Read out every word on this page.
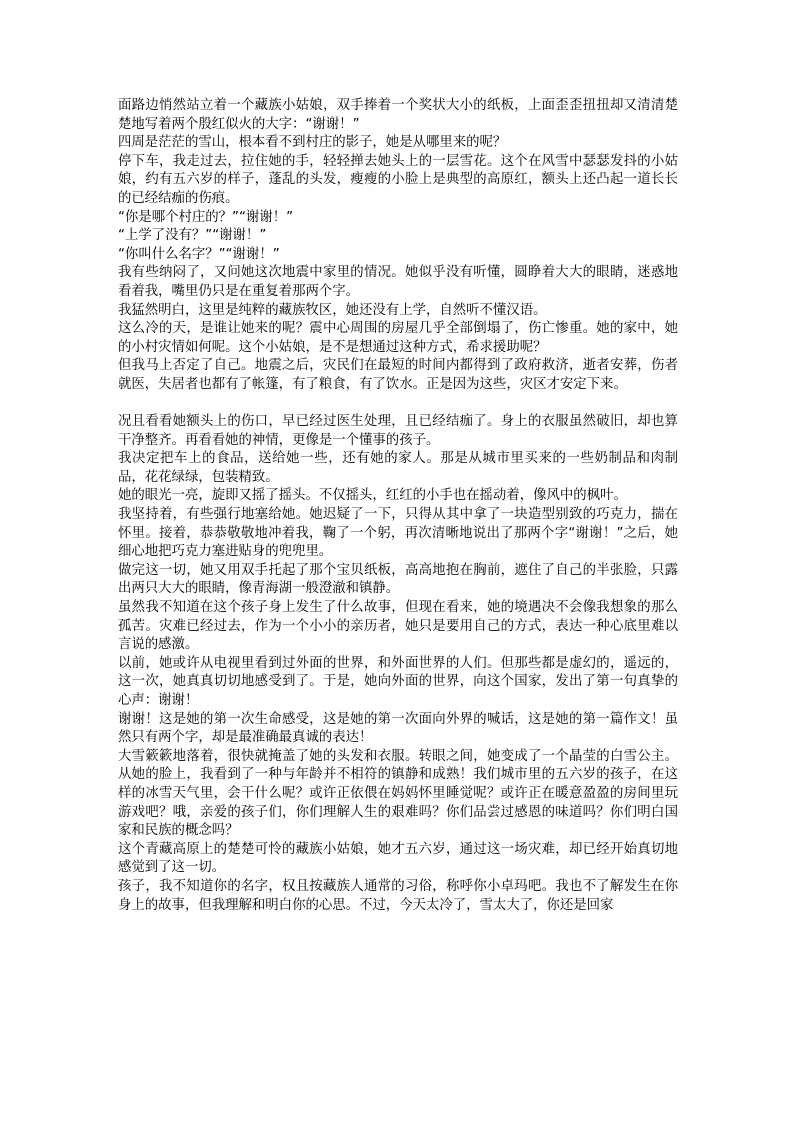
面路边悄然站立着一个藏族小姑娘，双手捧着一个奖状大小的纸板，上面歪歪扭扭却又清清楚楚地写着两个殷红似火的大字：“谢谢！”

四周是茫茫的雪山，根本看不到村庄的影子，她是从哪里来的呢？

停下车，我走过去，拉住她的手，轻轻掸去她头上的一层雪花。这个在风雪中瑟瑟发抖的小姑娘，约有五六岁的样子，蓬乱的头发，瘦瘦的小脸上是典型的高原红，额头上还凸起一道长长的已经结痂的伤痕。

“你是哪个村庄的？”“谢谢！”

“上学了没有？”“谢谢！”

“你叫什么名字？”“谢谢！”

我有些纳闷了，又问她这次地震中家里的情况。她似乎没有听懂，圆睁着大大的眼睛，迷惑地看着我，嘴里仍只是在重复着那两个字。

我猛然明白，这里是纯粹的藏族牧区，她还没有上学，自然听不懂汉语。

这么冷的天，是谁让她来的呢？震中心周围的房屋几乎全部倒塌了，伤亡惨重。她的家中，她的小村灾情如何呢。这个小姑娘，是不是想通过这种方式，希求援助呢？

但我马上否定了自己。地震之后，灾民们在最短的时间内都得到了政府救济，逝者安葬，伤者就医，失居者也都有了帐篷，有了粮食，有了饮水。正是因为这些，灾区才安定下来。

况且看看她额头上的伤口，早已经过医生处理，且已经结痂了。身上的衣服虽然破旧，却也算干净整齐。再看看她的神情，更像是一个懂事的孩子。

我决定把车上的食品，送给她一些，还有她的家人。那是从城市里买来的一些奶制品和肉制品，花花绿绿，包装精致。

她的眼光一亮，旋即又摇了摇头。不仅摇头，红红的小手也在摇动着，像风中的枫叶。

我坚持着，有些强行地塞给她。她迟疑了一下，只得从其中拿了一块造型别致的巧克力，揣在怀里。接着，恭恭敬敬地冲着我，鞠了一个躬，再次清晰地说出了那两个字“谢谢！”之后，她细心地把巧克力塞进贴身的兜兜里。

做完这一切，她又用双手托起了那个宝贝纸板，高高地抱在胸前，遮住了自己的半张脸，只露出两只大大的眼睛，像青海湖一般澄澈和镇静。

虽然我不知道在这个孩子身上发生了什么故事，但现在看来，她的境遇决不会像我想象的那么孤苦。灾难已经过去，作为一个小小的亲历者，她只是要用自己的方式，表达一种心底里难以言说的感激。

以前，她或许从电视里看到过外面的世界，和外面世界的人们。但那些都是虚幻的，遥远的，这一次，她真真切切地感受到了。于是，她向外面的世界，向这个国家，发出了第一句真挚的心声：谢谢！

谢谢！这是她的第一次生命感受，这是她的第一次面向外界的喊话，这是她的第一篇作文！虽然只有两个字，却是最准确最真诚的表达！

大雪簌簌地落着，很快就掩盖了她的头发和衣服。转眼之间，她变成了一个晶莹的白雪公主。从她的脸上，我看到了一种与年龄并不相符的镇静和成熟！我们城市里的五六岁的孩子，在这样的冰雪天气里，会干什么呢？或许正依偎在妈妈怀里睡觉呢？或许正在暖意盈盈的房间里玩游戏吧？哦，亲爱的孩子们，你们理解人生的艰难吗？你们品尝过感恩的味道吗？你们明白国家和民族的概念吗？

这个青藏高原上的楚楚可怜的藏族小姑娘，她才五六岁，通过这一场灾难，却已经开始真切地感觉到了这一切。

孩子，我不知道你的名字，权且按藏族人通常的习俗，称呼你小卓玛吧。我也不了解发生在你身上的故事，但我理解和明白你的心思。不过，今天太冷了，雪太大了，你还是回家
